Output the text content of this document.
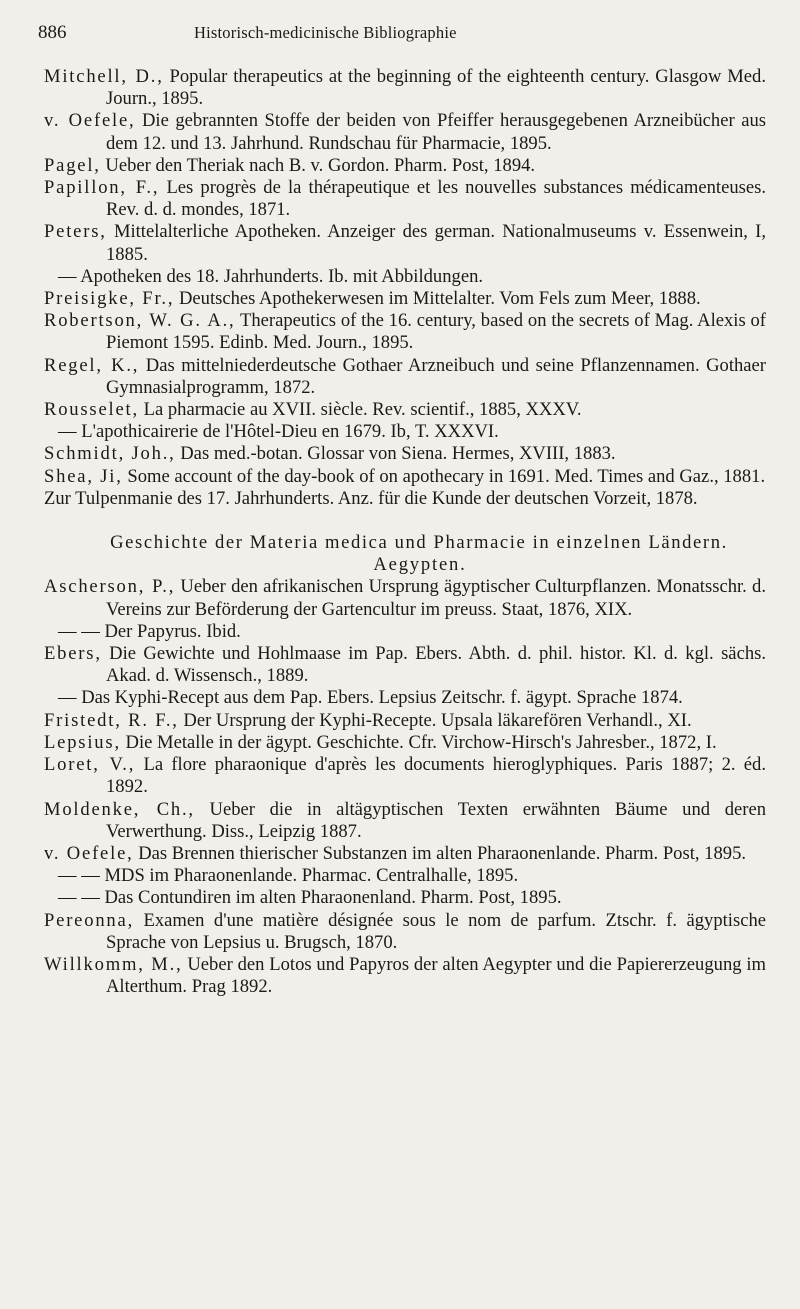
886	Historisch-medicinische Bibliographie
Mitchell, D., Popular therapeutics at the beginning of the eighteenth century. Glasgow Med. Journ., 1895.
v. Oefele, Die gebrannten Stoffe der beiden von Pfeiffer herausgegebenen Arzneibücher aus dem 12. und 13. Jahrhund. Rundschau für Pharmacie, 1895.
Pagel, Ueber den Theriak nach B. v. Gordon. Pharm. Post, 1894.
Papillon, F., Les progrès de la thérapeutique et les nouvelles substances médicamenteuses. Rev. d. d. mondes, 1871.
Peters, Mittelalterliche Apotheken. Anzeiger des german. Nationalmuseums v. Essenwein, I, 1885.
— Apotheken des 18. Jahrhunderts. Ib. mit Abbildungen.
Preisigke, Fr., Deutsches Apothekerwesen im Mittelalter. Vom Fels zum Meer, 1888.
Robertson, W. G. A., Therapeutics of the 16. century, based on the secrets of Mag. Alexis of Piemont 1595. Edinb. Med. Journ., 1895.
Regel, K., Das mittelniederdeutsche Gothaer Arzneibuch und seine Pflanzennamen. Gothaer Gymnasialprogramm, 1872.
Rousselet, La pharmacie au XVII. siècle. Rev. scientif., 1885, XXXV.
— L'apothicairerie de l'Hôtel-Dieu en 1679. Ib, T. XXXVI.
Schmidt, Joh., Das med.-botan. Glossar von Siena. Hermes, XVIII, 1883.
Shea, Ji, Some account of the day-book of on apothecary in 1691. Med. Times and Gaz., 1881.
Zur Tulpenmanie des 17. Jahrhunderts. Anz. für die Kunde der deutschen Vorzeit, 1878.
Geschichte der Materia medica und Pharmacie in einzelnen Ländern.
Aegypten.
Ascherson, P., Ueber den afrikanischen Ursprung ägyptischer Culturpflanzen. Monatsschr. d. Vereins zur Beförderung der Gartencultur im preuss. Staat, 1876, XIX.
— — Der Papyrus. Ibid.
Ebers, Die Gewichte und Hohlmaase im Pap. Ebers. Abth. d. phil. histor. Kl. d. kgl. sächs. Akad. d. Wissensch., 1889.
— Das Kyphi-Recept aus dem Pap. Ebers. Lepsius Zeitschr. f. ägypt. Sprache 1874.
Fristedt, R. F., Der Ursprung der Kyphi-Recepte. Upsala läkarefören Verhandl., XI.
Lepsius, Die Metalle in der ägypt. Geschichte. Cfr. Virchow-Hirsch's Jahresber., 1872, I.
Loret, V., La flore pharaonique d'après les documents hieroglyphiques. Paris 1887; 2. éd. 1892.
Moldenke, Ch., Ueber die in altägyptischen Texten erwähnten Bäume und deren Verwerthung. Diss., Leipzig 1887.
v. Oefele, Das Brennen thierischer Substanzen im alten Pharaonenlande. Pharm. Post, 1895.
— — MDS im Pharaonenlande. Pharmac. Centralhalle, 1895.
— — Das Contundiren im alten Pharaonenland. Pharm. Post, 1895.
Pereonna, Examen d'une matière désignée sous le nom de parfum. Ztschr. f. ägyptische Sprache von Lepsius u. Brugsch, 1870.
Willkomm, M., Ueber den Lotos und Papyros der alten Aegypter und die Papiererzeugung im Alterthum. Prag 1892.
